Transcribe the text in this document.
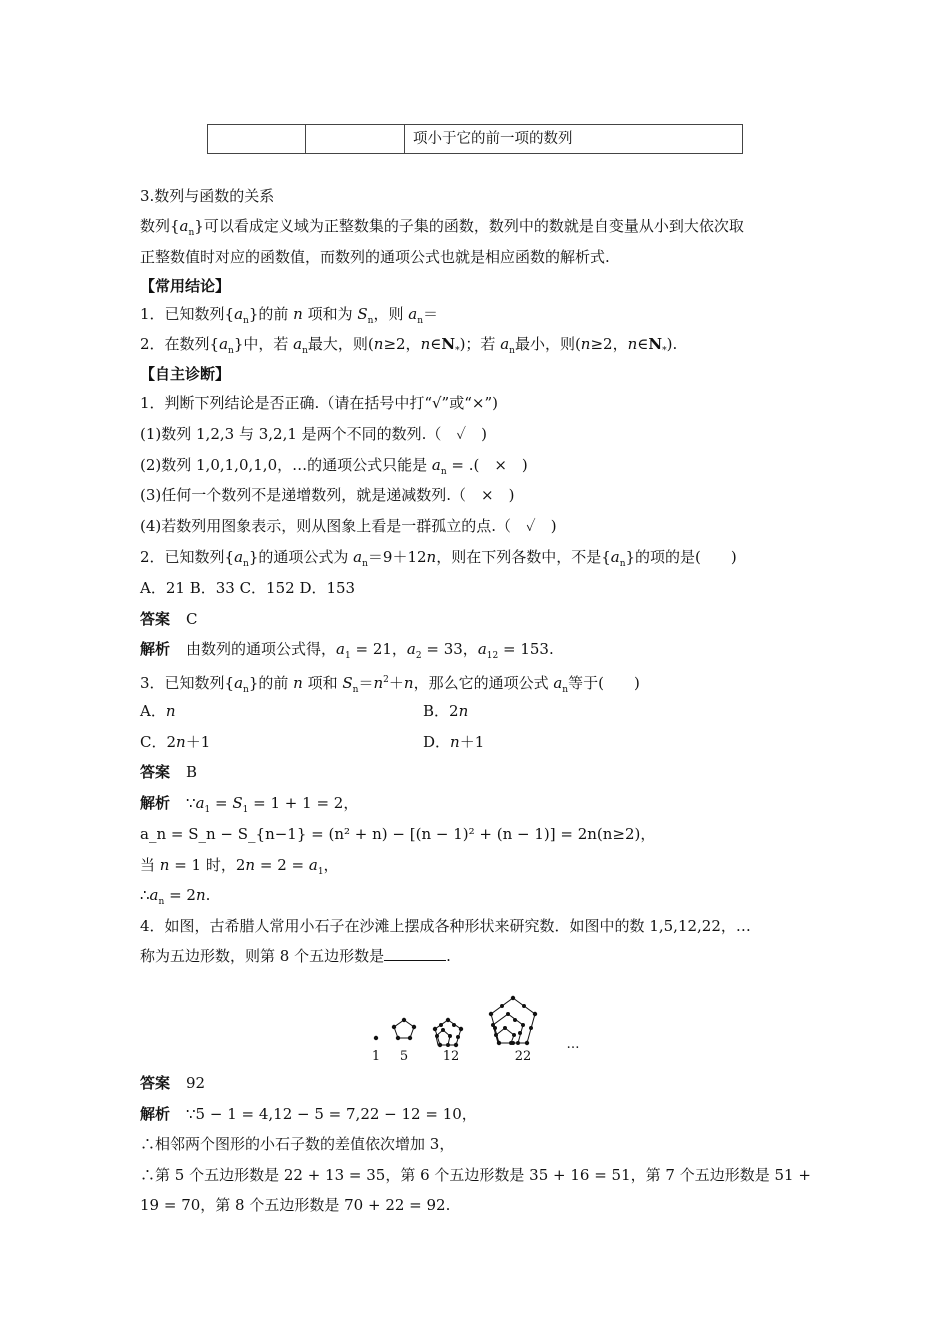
项小于它的前一项的数列
3.数列与函数的关系
数列$\{a_n\}$可以看成定义域为正整数集的子集的函数，数列中的数就是自变量从小到大依次取
正整数值时对应的函数值，而数列的通项公式也就是相应函数的解析式.
【常用结论】
1．已知数列$\{a_n\}$的前 n 项和为 $S_n$，则 $a_n=$
2．在数列$\{a_n\}$中，若 $a_n$最大，则(n≥2，$n\in N_*$)；若 $a_n$最小，则(n≥2，$n\in N_*$).
【自主诊断】
1．判断下列结论是否正确.（请在括号中打“√”或“×”)
(1)数列 1,2,3 与 3,2,1 是两个不同的数列.（　✓　)
(2)数列 1,0,1,0,1,0，…的通项公式只能是 $a_n$ = .(　×　)
(3)任何一个数列不是递增数列，就是递减数列.（　×　)
(4)若数列用图象表示，则从图象上看是一群孤立的点.（　✓　)
2．已知数列$\{a_n\}$的通项公式为 $a_n=9+12n$，则在下列各数中，不是$\{a_n\}$的项的是(　　)
A．21 B．33 C．152 D．153
答案 C
解析 由数列的通项公式得，$a_1 = 21$，$a_2 = 33$，$a_{12} = 153$.
3．已知数列$\{a_n\}$的前 n 项和 $S_n=n^2+n$，那么它的通项公式 $a_n$等于(　　)
A．n	B．2n
C．2n＋1	D．n＋1
答案 B
解析 $\because a_1 = S_1 = 1 + 1 = 2$，
a_n = S_n − S_{n−1} = (n² + n) − [(n − 1)² + (n − 1)] = 2n(n≥2)，
当 n = 1 时，$2n = 2 = a_1$，
$\therefore a_n = 2n$.
4．如图，古希腊人常用小石子在沙滩上摆成各种形状来研究数．如图中的数 1,5,12,22，…
称为五边形数，则第 8 个五边形数是	.
1 5	12	22
…
答案 92
解析 ∵5 − 1 = 4,12 − 5 = 7,22 − 12 = 10，
∴相邻两个图形的小石子数的差值依次增加 3，
∴第 5 个五边形数是 22 + 13 = 35，第 6 个五边形数是 35 + 16 = 51，第 7 个五边形数是 51 +
19 = 70，第 8 个五边形数是 70 + 22 = 92.
